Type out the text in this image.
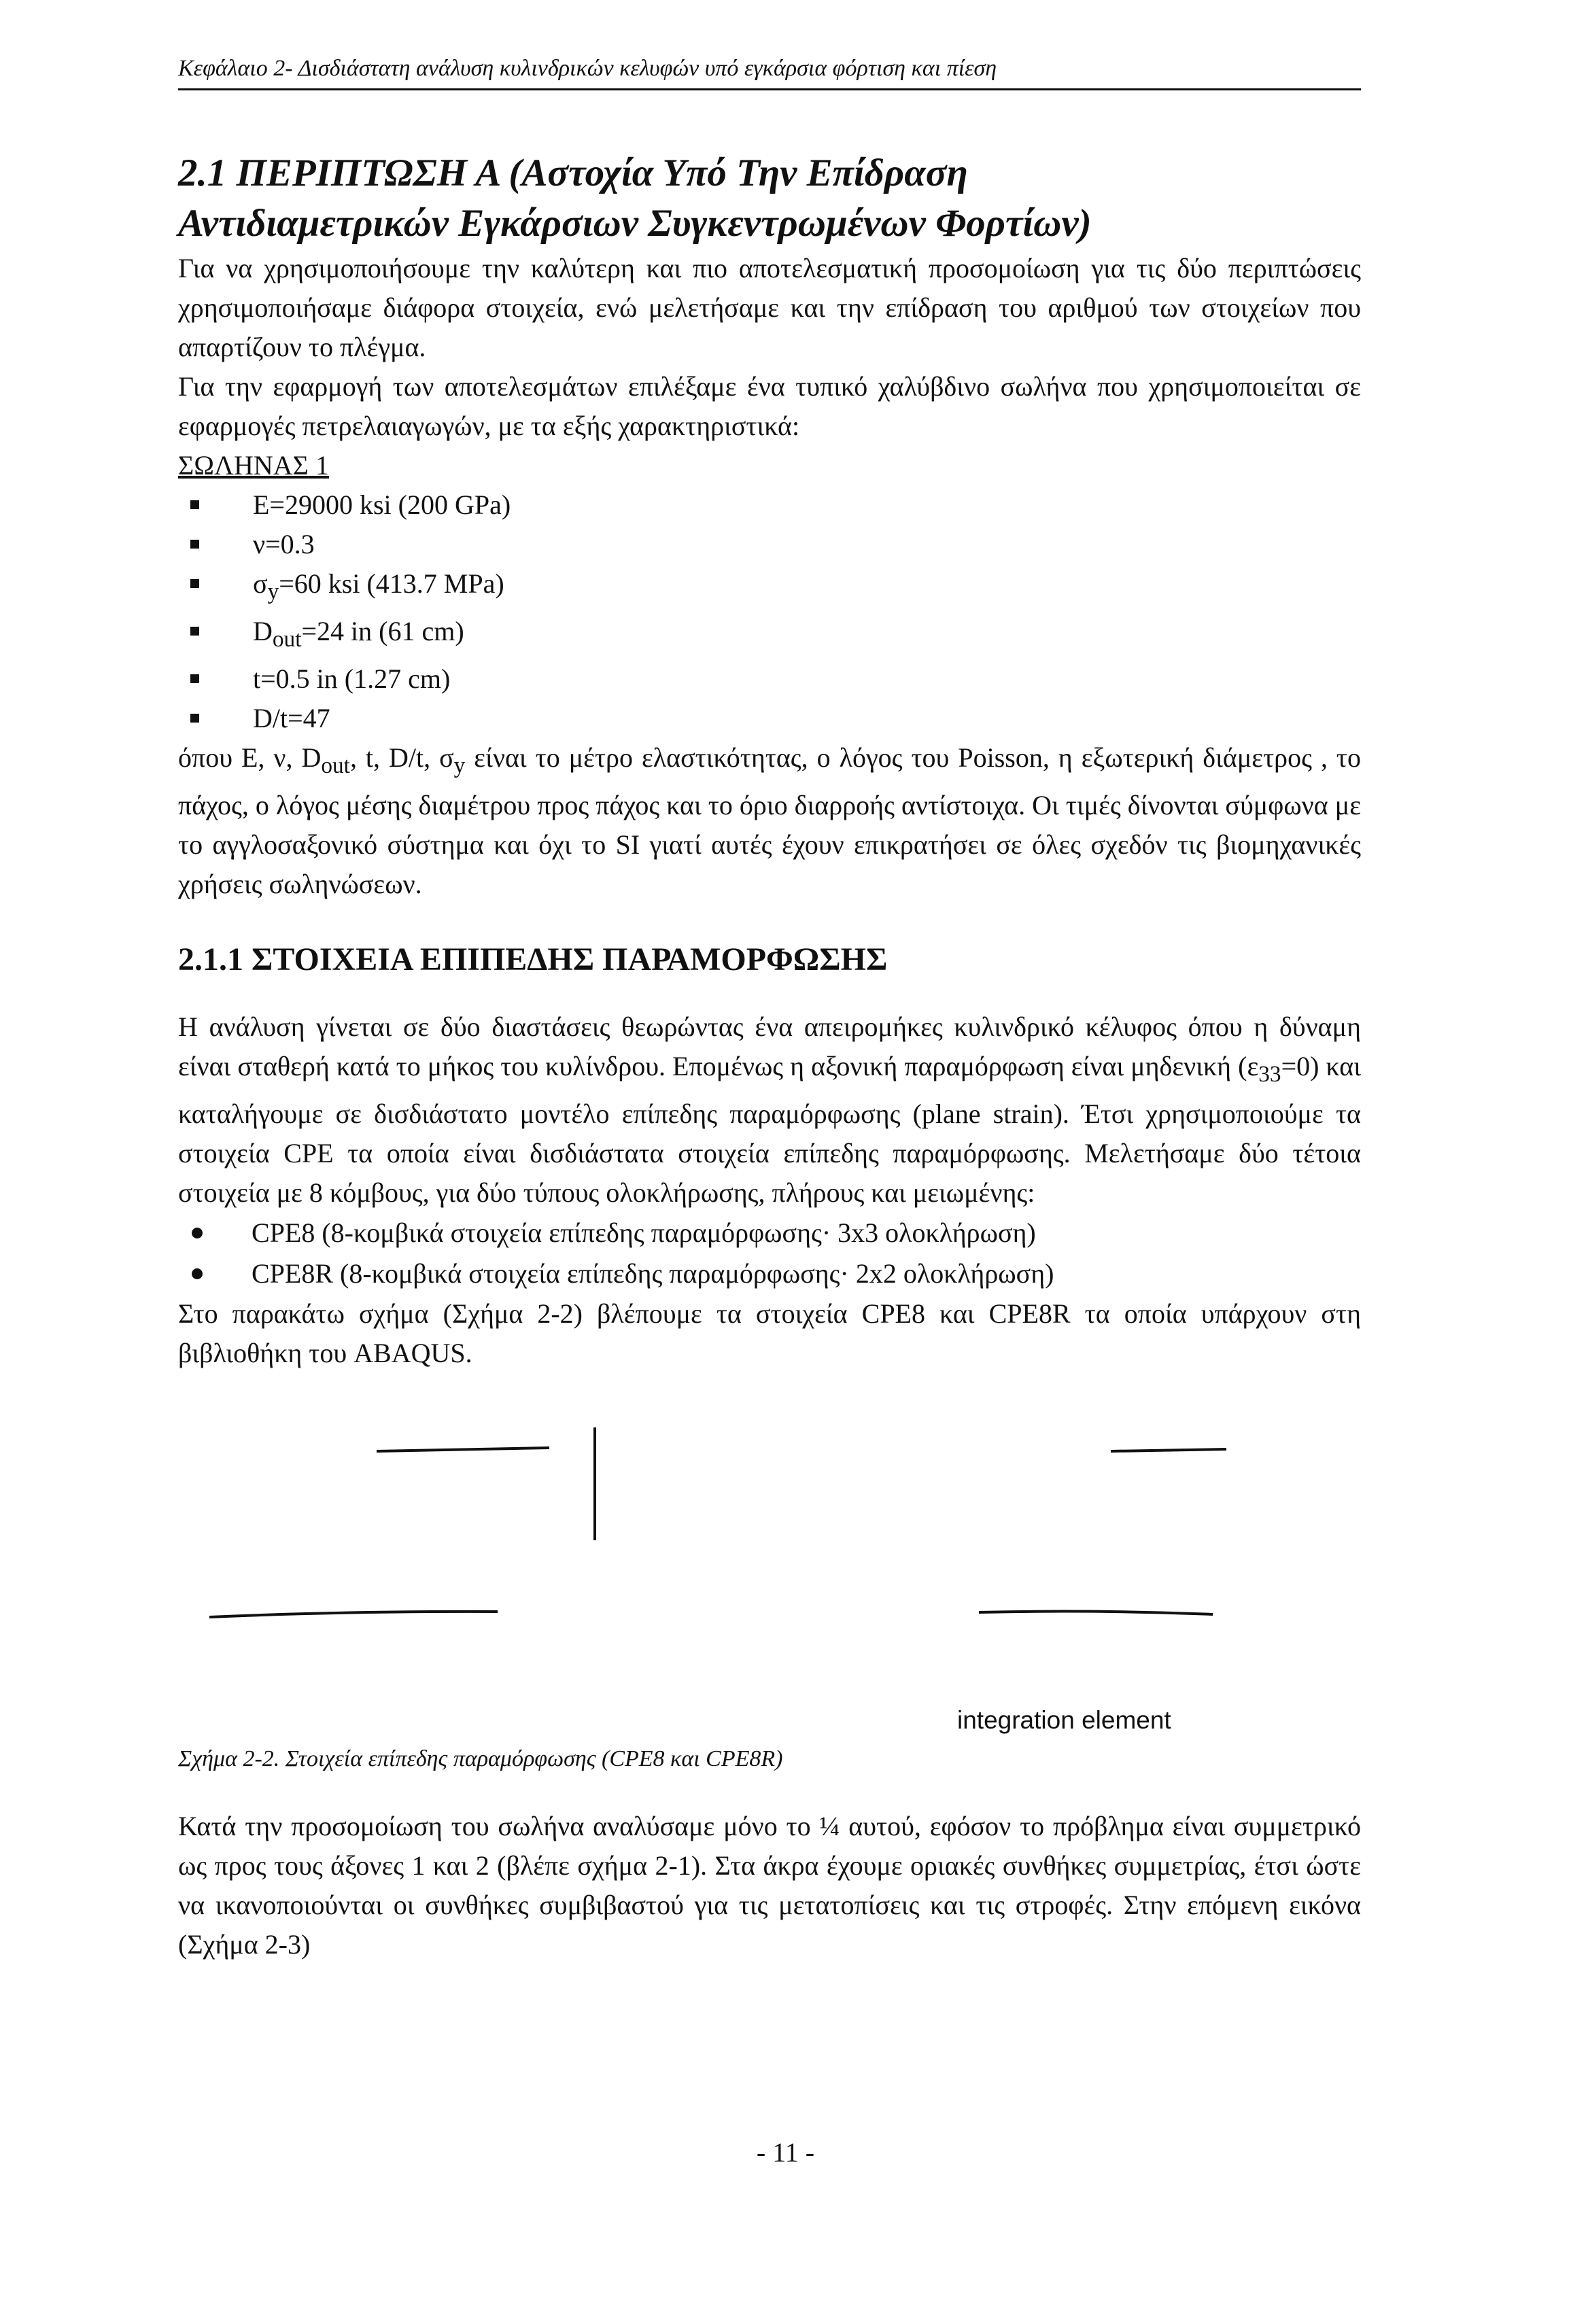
Κεφάλαιο 2- Δισδιάστατη ανάλυση κυλινδρικών κελυφών υπό εγκάρσια φόρτιση και πίεση
2.1 ΠΕΡΙΠΤΩΣΗ Α (Αστοχία Υπό Την Επίδραση
Αντιδιαμετρικών Εγκάρσιων Συγκεντρωμένων Φορτίων)

Για να χρησιμοποιήσουμε την καλύτερη και πιο αποτελεσματική προσομοίωση για τις δύο περιπτώσεις χρησιμοποιήσαμε διάφορα στοιχεία, ενώ μελετήσαμε και την επίδραση του αριθμού των στοιχείων που απαρτίζουν το πλέγμα.

Για την εφαρμογή των αποτελεσμάτων επιλέξαμε ένα τυπικό χαλύβδινο σωλήνα που χρησιμοποιείται σε εφαρμογές πετρελαιαγωγών, με τα εξής χαρακτηριστικά:

ΣΩΛΗΝΑΣ 1

E=29000 ksi (200 GPa)
ν=0.3
$\sigma_y=60$ ksi (413.7 MPa)
$D_{out}=24$ in (61 cm)
t=0.5 in (1.27 cm)
D/t=47

όπου E, ν, $D_{out}$, t, D/t, $\sigma_y$ είναι το μέτρο ελαστικότητας, ο λόγος του Poisson, η εξωτερική διάμετρος , το πάχος, ο λόγος μέσης διαμέτρου προς πάχος και το όριο διαρροής αντίστοιχα. Οι τιμές δίνονται σύμφωνα με το αγγλοσαξονικό σύστημα και όχι το SI γιατί αυτές έχουν επικρατήσει σε όλες σχεδόν τις βιομηχανικές χρήσεις σωληνώσεων.

2.1.1 ΣΤΟΙΧΕΙΑ ΕΠΙΠΕΔΗΣ ΠΑΡΑΜΟΡΦΩΣΗΣ

Η ανάλυση γίνεται σε δύο διαστάσεις θεωρώντας ένα απειρομήκες κυλινδρικό κέλυφος όπου η δύναμη είναι σταθερή κατά το μήκος του κυλίνδρου. Επομένως η αξονική παραμόρφωση είναι μηδενική $(\varepsilon_{33}=0)$ και καταλήγουμε σε δισδιάστατο μοντέλο επίπεδης παραμόρφωσης (plane strain). Έτσι χρησιμοποιούμε τα στοιχεία CPE τα οποία είναι δισδιάστατα στοιχεία επίπεδης παραμόρφωσης. Μελετήσαμε δύο τέτοια στοιχεία με 8 κόμβους, για δύο τύπους ολοκλήρωσης, πλήρους και μειωμένης:

CPE8 (8-κομβικά στοιχεία επίπεδης παραμόρφωσης· 3x3 ολοκλήρωση)
CPE8R (8-κομβικά στοιχεία επίπεδης παραμόρφωσης· 2x2 ολοκλήρωση)

Στο παρακάτω σχήμα (Σχήμα 2-2) βλέπουμε τα στοιχεία CPE8 και CPE8R τα οποία υπάρχουν στη βιβλιοθήκη του ABAQUS.

integration element
Σχήμα 2-2. Στοιχεία επίπεδης παραμόρφωσης (CPE8 και CPE8R)

Κατά την προσομοίωση του σωλήνα αναλύσαμε μόνο το ¼ αυτού, εφόσον το πρόβλημα είναι συμμετρικό ως προς τους άξονες 1 και 2 (βλέπε σχήμα 2-1). Στα άκρα έχουμε οριακές συνθήκες συμμετρίας, έτσι ώστε να ικανοποιούνται οι συνθήκες συμβιβαστού για τις μετατοπίσεις και τις στροφές. Στην επόμενη εικόνα (Σχήμα 2-3)

- 11 -
